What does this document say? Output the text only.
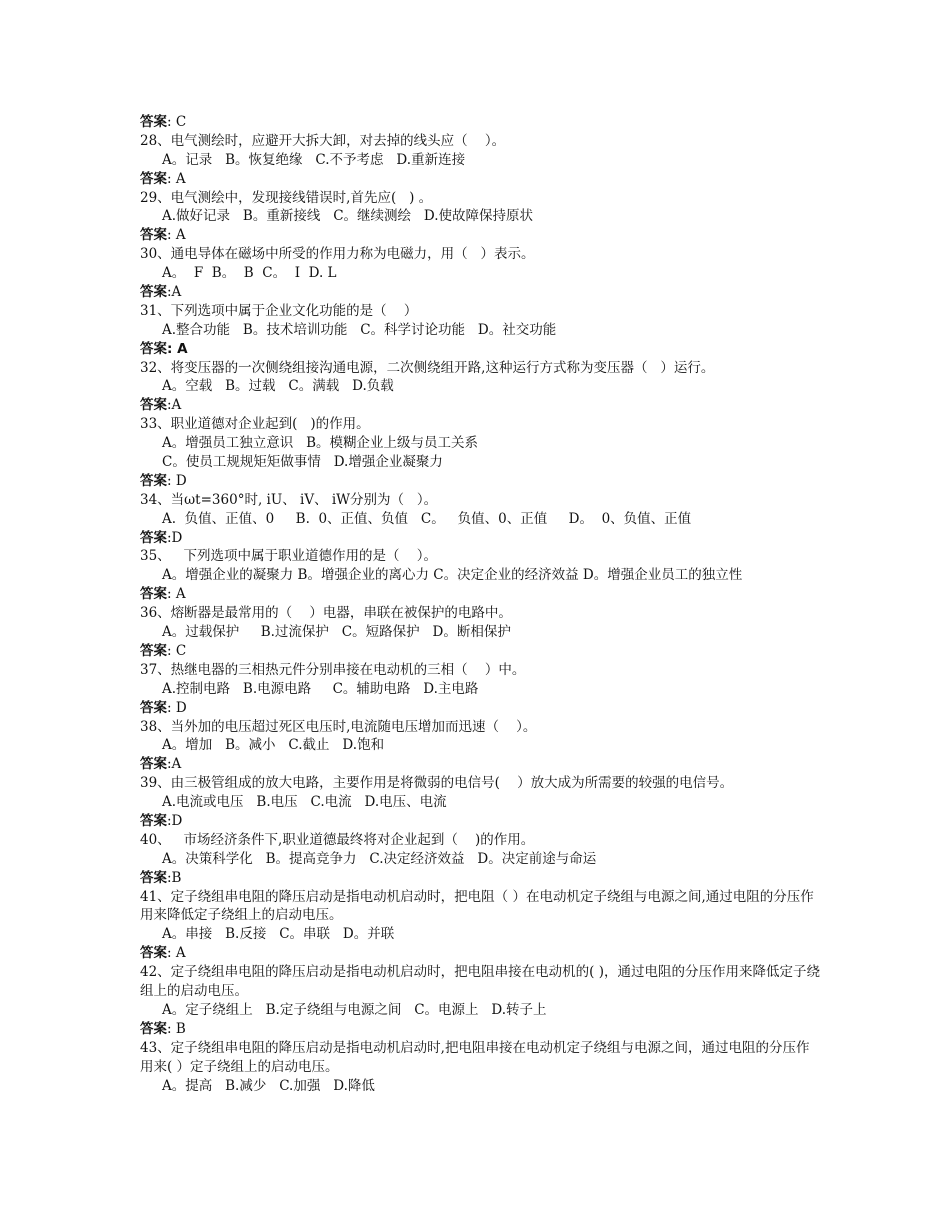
答案: C
28、电气测绘时，应避开大拆大卸，对去掉的线头应（    ）。
A。记录   B。恢复绝缘   C.不予考虑   D.重新连接
答案: A
29、电气测绘中，发现接线错误时,首先应(   ) 。
A.做好记录   B。重新接线   C。继续测绘   D.使故障保持原状
答案: A
30、通电导体在磁场中所受的作用力称为电磁力，用（   ）表示。
A。  F  B。  B  C。  I  D. L
答案:A
31、下列选项中属于企业文化功能的是（    ）
A.整合功能   B。技术培训功能   C。科学讨论功能   D。社交功能
答案: A
32、将变压器的一次侧绕组接沟通电源，二次侧绕组开路,这种运行方式称为变压器（   ）运行。
A。空载   B。过载   C。满载   D.负载
答案:A
33、职业道德对企业起到(   )的作用。
A。增强员工独立意识   B。模糊企业上级与员工关系
C。使员工规规矩矩做事情   D.增强企业凝聚力
答案: D
34、当ωt=360°时, iU、 iV、 iW分别为（   ）。
A.  负值、正值、0     B.  0、正值、负值   C。   负值、0、正值     D。  0、负值、正值
答案:D
35、   下列选项中属于职业道德作用的是（    ）。
A。增强企业的凝聚力 B。增强企业的离心力 C。决定企业的经济效益 D。增强企业员工的独立性
答案: A
36、熔断器是最常用的（    ）电器，串联在被保护的电路中。
A。过载保护     B.过流保护   C。短路保护   D。断相保护
答案: C
37、热继电器的三相热元件分别串接在电动机的三相（    ）中。
A.控制电路   B.电源电路     C。辅助电路   D.主电路
答案: D
38、当外加的电压超过死区电压时,电流随电压增加而迅速（    ）。
A。增加   B。减小   C.截止   D.饱和
答案:A
39、由三极管组成的放大电路，主要作用是将微弱的电信号(    ）放大成为所需要的较强的电信号。
A.电流或电压   B.电压   C.电流   D.电压、电流
答案:D
40、   市场经济条件下,职业道德最终将对企业起到（    )的作用。
A。决策科学化   B。提高竞争力   C.决定经济效益   D。决定前途与命运
答案:B
41、定子绕组串电阻的降压启动是指电动机启动时，把电阻（ ）在电动机定子绕组与电源之间,通过电阻的分压作用来降低定子绕组上的启动电压。
A。串接   B.反接   C。串联   D。并联
答案: A
42、定子绕组串电阻的降压启动是指电动机启动时，把电阻串接在电动机的( )，通过电阻的分压作用来降低定子绕组上的启动电压。
A。定子绕组上   B.定子绕组与电源之间   C。电源上   D.转子上
答案: B
43、定子绕组串电阻的降压启动是指电动机启动时,把电阻串接在电动机定子绕组与电源之间，通过电阻的分压作用来( ）定子绕组上的启动电压。
A。提高   B.减少   C.加强   D.降低
